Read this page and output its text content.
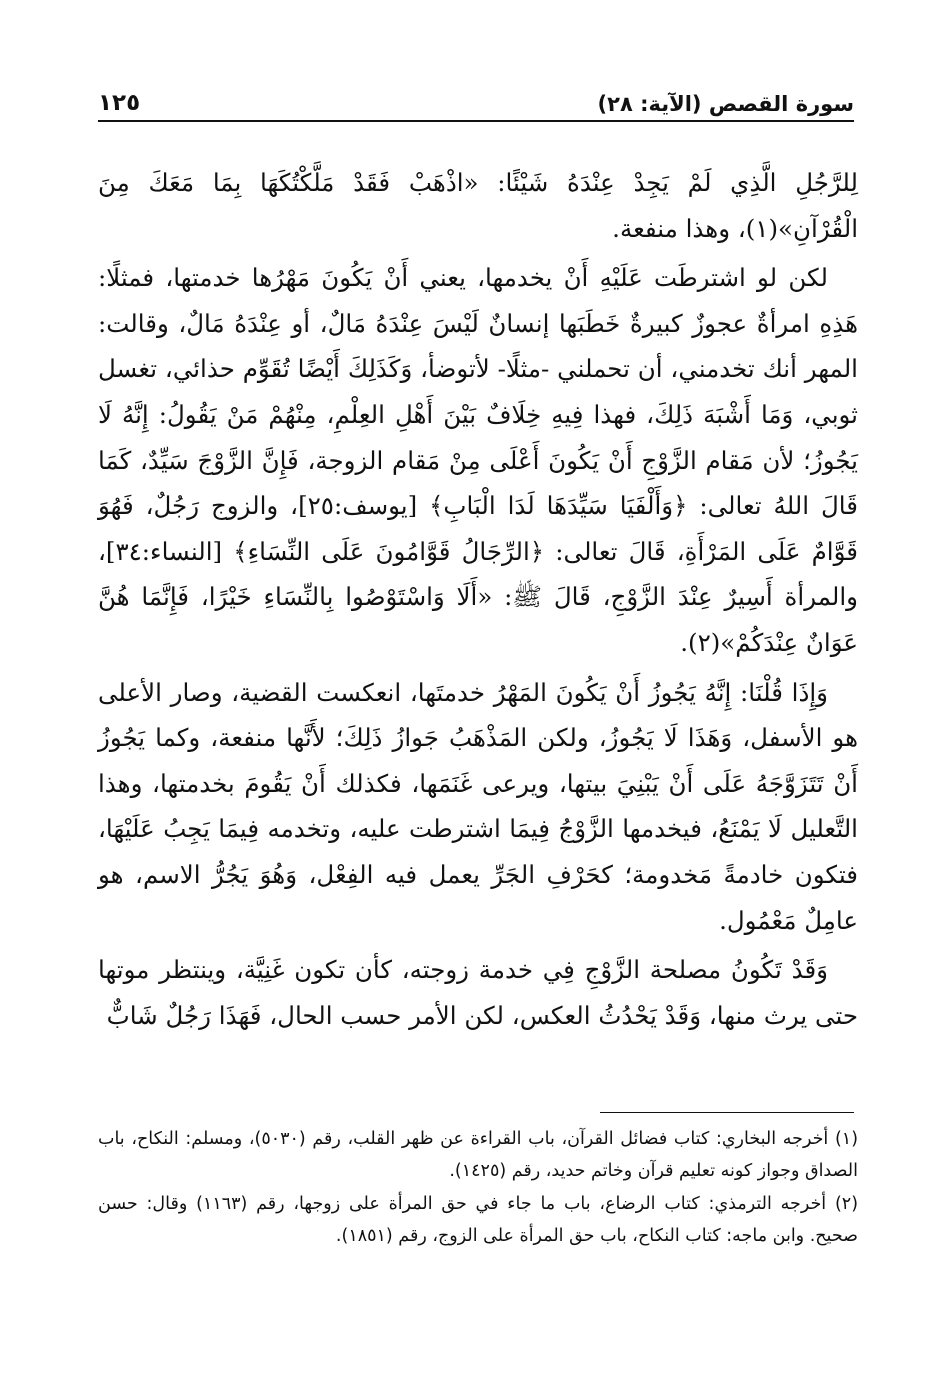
سورة القصص (الآية: ٢٨)
١٢٥

لِلرَّجُلِ الَّذِي لَمْ يَجِدْ عِنْدَهُ شَيْئًا: «اذْهَبْ فَقَدْ مَلَّكْتُكَهَا بِمَا مَعَكَ مِنَ الْقُرْآنِ»(١)، وهذا منفعة.

لكن لو اشترطَت عَلَيْهِ أَنْ يخدمها، يعني أَنْ يَكُونَ مَهْرُها خدمتها، فمثلًا: هَذِهِ امرأةٌ عجوزٌ كبيرةٌ خَطَبَها إنسانٌ لَيْسَ عِنْدَهُ مَالٌ، أو عِنْدَهُ مَالٌ، وقالت: المهر أنك تخدمني، أن تحملني -مثلًا- لأتوضأ، وَكَذَلِكَ أَيْضًا تُقَوِّم حذائي، تغسل ثوبي، وَمَا أَشْبَهَ ذَلِكَ، فهذا فِيهِ خِلَافٌ بَيْنَ أَهْلِ العِلْمِ، مِنْهُمْ مَنْ يَقُولُ: إِنَّهُ لَا يَجُوزُ؛ لأن مَقام الزَّوْجِ أَنْ يَكُونَ أَعْلَى مِنْ مَقام الزوجة، فَإِنَّ الزَّوْجَ سَيِّدٌ، كَمَا قَالَ اللهُ تعالى: ﴿وَأَلْفَيَا سَيِّدَهَا لَدَا الْبَابِ﴾ [يوسف:٢٥]، والزوج رَجُلٌ، فَهُوَ قَوَّامٌ عَلَى المَرْأَةِ، قَالَ تعالى: ﴿الرِّجَالُ قَوَّامُونَ عَلَى النِّسَاءِ﴾ [النساء:٣٤]، والمرأة أَسِيرٌ عِنْدَ الزَّوْجِ، قَالَ ﷺ: «أَلَا وَاسْتَوْصُوا بِالنِّسَاءِ خَيْرًا، فَإِنَّمَا هُنَّ عَوَانٌ عِنْدَكُمْ»(٢).

وَإِذَا قُلْنَا: إِنَّهُ يَجُوزُ أَنْ يَكُونَ المَهْرُ خدمتَها، انعكست القضية، وصار الأعلى هو الأسفل، وَهَذَا لَا يَجُوزُ، ولكن المَذْهَبُ جَوازُ ذَلِكَ؛ لأَنَّها منفعة، وكما يَجُوزُ أَنْ تَتَزَوَّجَهُ عَلَى أَنْ يَبْنِيَ بيتها، ويرعى غَنَمَها، فكذلك أَنْ يَقُومَ بخدمتها، وهذا التَّعليل لَا يَمْنَعُ، فيخدمها الزَّوْجُ فِيمَا اشترطت عليه، وتخدمه فِيمَا يَجِبُ عَلَيْهَا، فتكون خادمةً مَخدومة؛ كحَرْفِ الجَرِّ يعمل فيه الفِعْل، وَهُوَ يَجُرُّ الاسم، هو عامِلٌ مَعْمُول.

وَقَدْ تَكُونُ مصلحة الزَّوْجِ فِي خدمة زوجته، كأن تكون غَنِيَّة، وينتظر موتها حتى يرث منها، وَقَدْ يَحْدُثُ العكس، لكن الأمر حسب الحال، فَهَذَا رَجُلٌ شَابٌّ

(١) أخرجه البخاري: كتاب فضائل القرآن، باب القراءة عن ظهر القلب، رقم (٥٠٣٠)، ومسلم: النكاح، باب الصداق وجواز كونه تعليم قرآن وخاتم حديد، رقم (١٤٢٥).

(٢) أخرجه الترمذي: كتاب الرضاع، باب ما جاء في حق المرأة على زوجها، رقم (١١٦٣) وقال: حسن صحيح. وابن ماجه: كتاب النكاح، باب حق المرأة على الزوج، رقم (١٨٥١).
